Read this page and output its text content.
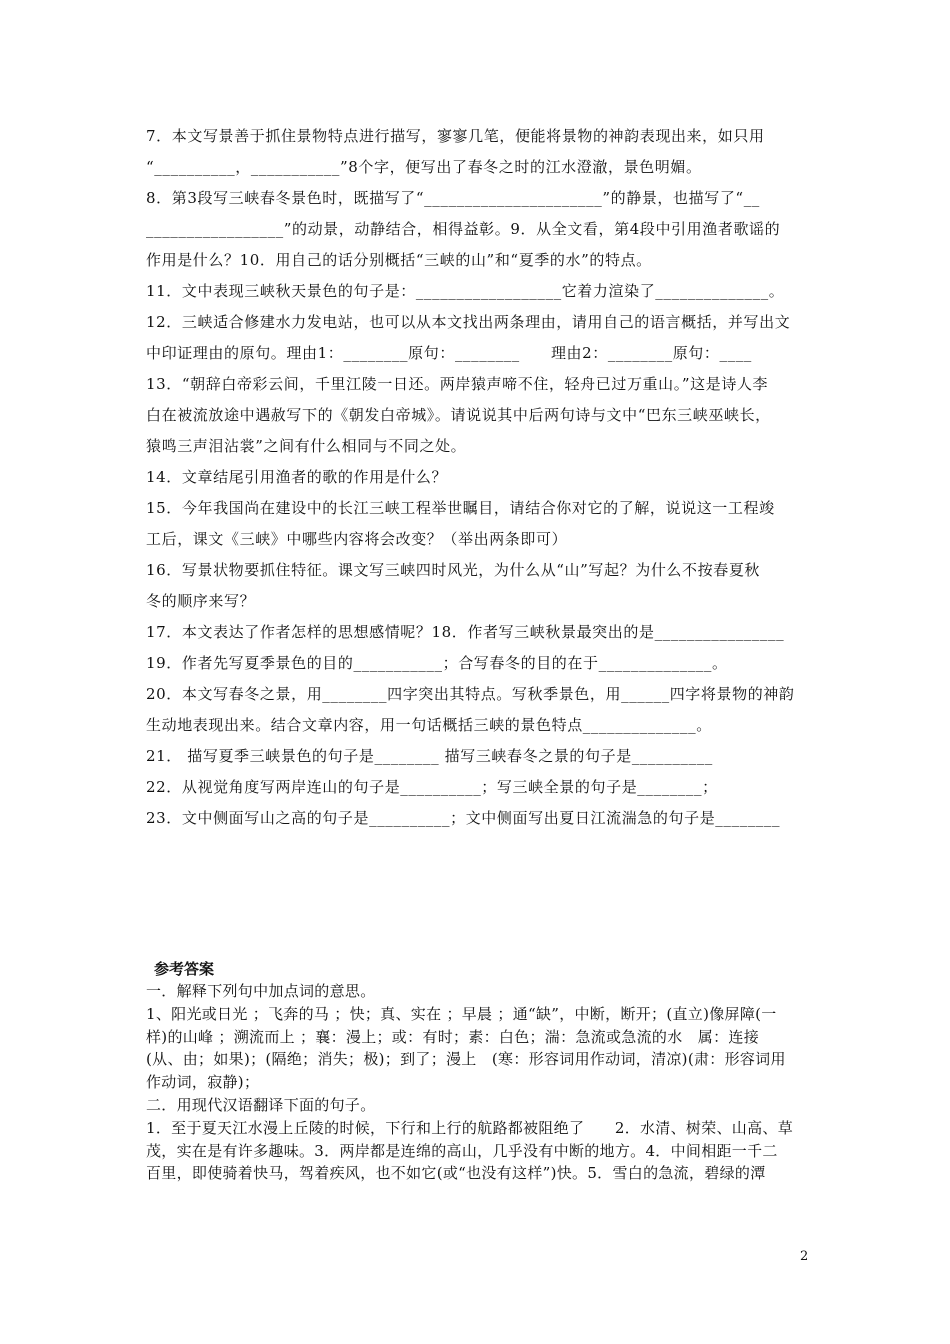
7．本文写景善于抓住景物特点进行描写，寥寥几笔，便能将景物的神韵表现出来，如只用
“__________，___________”8个字，便写出了春冬之时的江水澄澈，景色明媚。
8．第3段写三峡春冬景色时，既描写了“______________________”的静景，也描写了“__
_________________”的动景，动静结合，相得益彰。9．从全文看，第4段中引用渔者歌谣的
作用是什么？10．用自己的话分别概括“三峡的山”和“夏季的水”的特点。
11．文中表现三峡秋天景色的句子是：__________________它着力渲染了______________。
12．三峡适合修建水力发电站，也可以从本文找出两条理由，请用自己的语言概括，并写出文
中印证理由的原句。理由1：________原句：________　　理由2：________原句：____
13．“朝辞白帝彩云间，千里江陵一日还。两岸猿声啼不住，轻舟已过万重山。”这是诗人李
白在被流放途中遇赦写下的《朝发白帝城》。请说说其中后两句诗与文中“巴东三峡巫峡长，
猿鸣三声泪沾裳”之间有什么相同与不同之处。
14．文章结尾引用渔者的歌的作用是什么？
15．今年我国尚在建设中的长江三峡工程举世瞩目，请结合你对它的了解，说说这一工程竣
工后，课文《三峡》中哪些内容将会改变？（举出两条即可）
16．写景状物要抓住特征。课文写三峡四时风光，为什么从“山”写起？为什么不按春夏秋
冬的顺序来写？
17．本文表达了作者怎样的思想感情呢？18．作者写三峡秋景最突出的是________________
19．作者先写夏季景色的目的___________；合写春冬的目的在于______________。
20．本文写春冬之景，用________四字突出其特点。写秋季景色，用______四字将景物的神韵
生动地表现出来。结合文章内容，用一句话概括三峡的景色特点______________。
21． 描写夏季三峡景色的句子是________ 描写三峡春冬之景的句子是__________
22．从视觉角度写两岸连山的句子是__________；写三峡全景的句子是________；
23．文中侧面写山之高的句子是__________；文中侧面写出夏日江流湍急的句子是________
参考答案
一．解释下列句中加点词的意思。
1、阳光或日光 ；飞奔的马 ；快；真、实在 ；早晨 ；通“缺”，中断，断开；(直立)像屏障(一
样)的山峰 ；溯流而上 ；襄：漫上；或：有时；素：白色；湍：急流或急流的水　属：连接
(从、由；如果)；(隔绝；消失；极)；到了；漫上　(寒：形容词用作动词，清凉)(肃：形容词用
作动词，寂静)；
二．用现代汉语翻译下面的句子。
1．至于夏天江水漫上丘陵的时候，下行和上行的航路都被阻绝了　　2．水清、树荣、山高、草
茂，实在是有许多趣味。3．两岸都是连绵的高山，几乎没有中断的地方。4．中间相距一千二
百里，即使骑着快马，驾着疾风，也不如它(或“也没有这样”)快。5．雪白的急流，碧绿的潭
2
